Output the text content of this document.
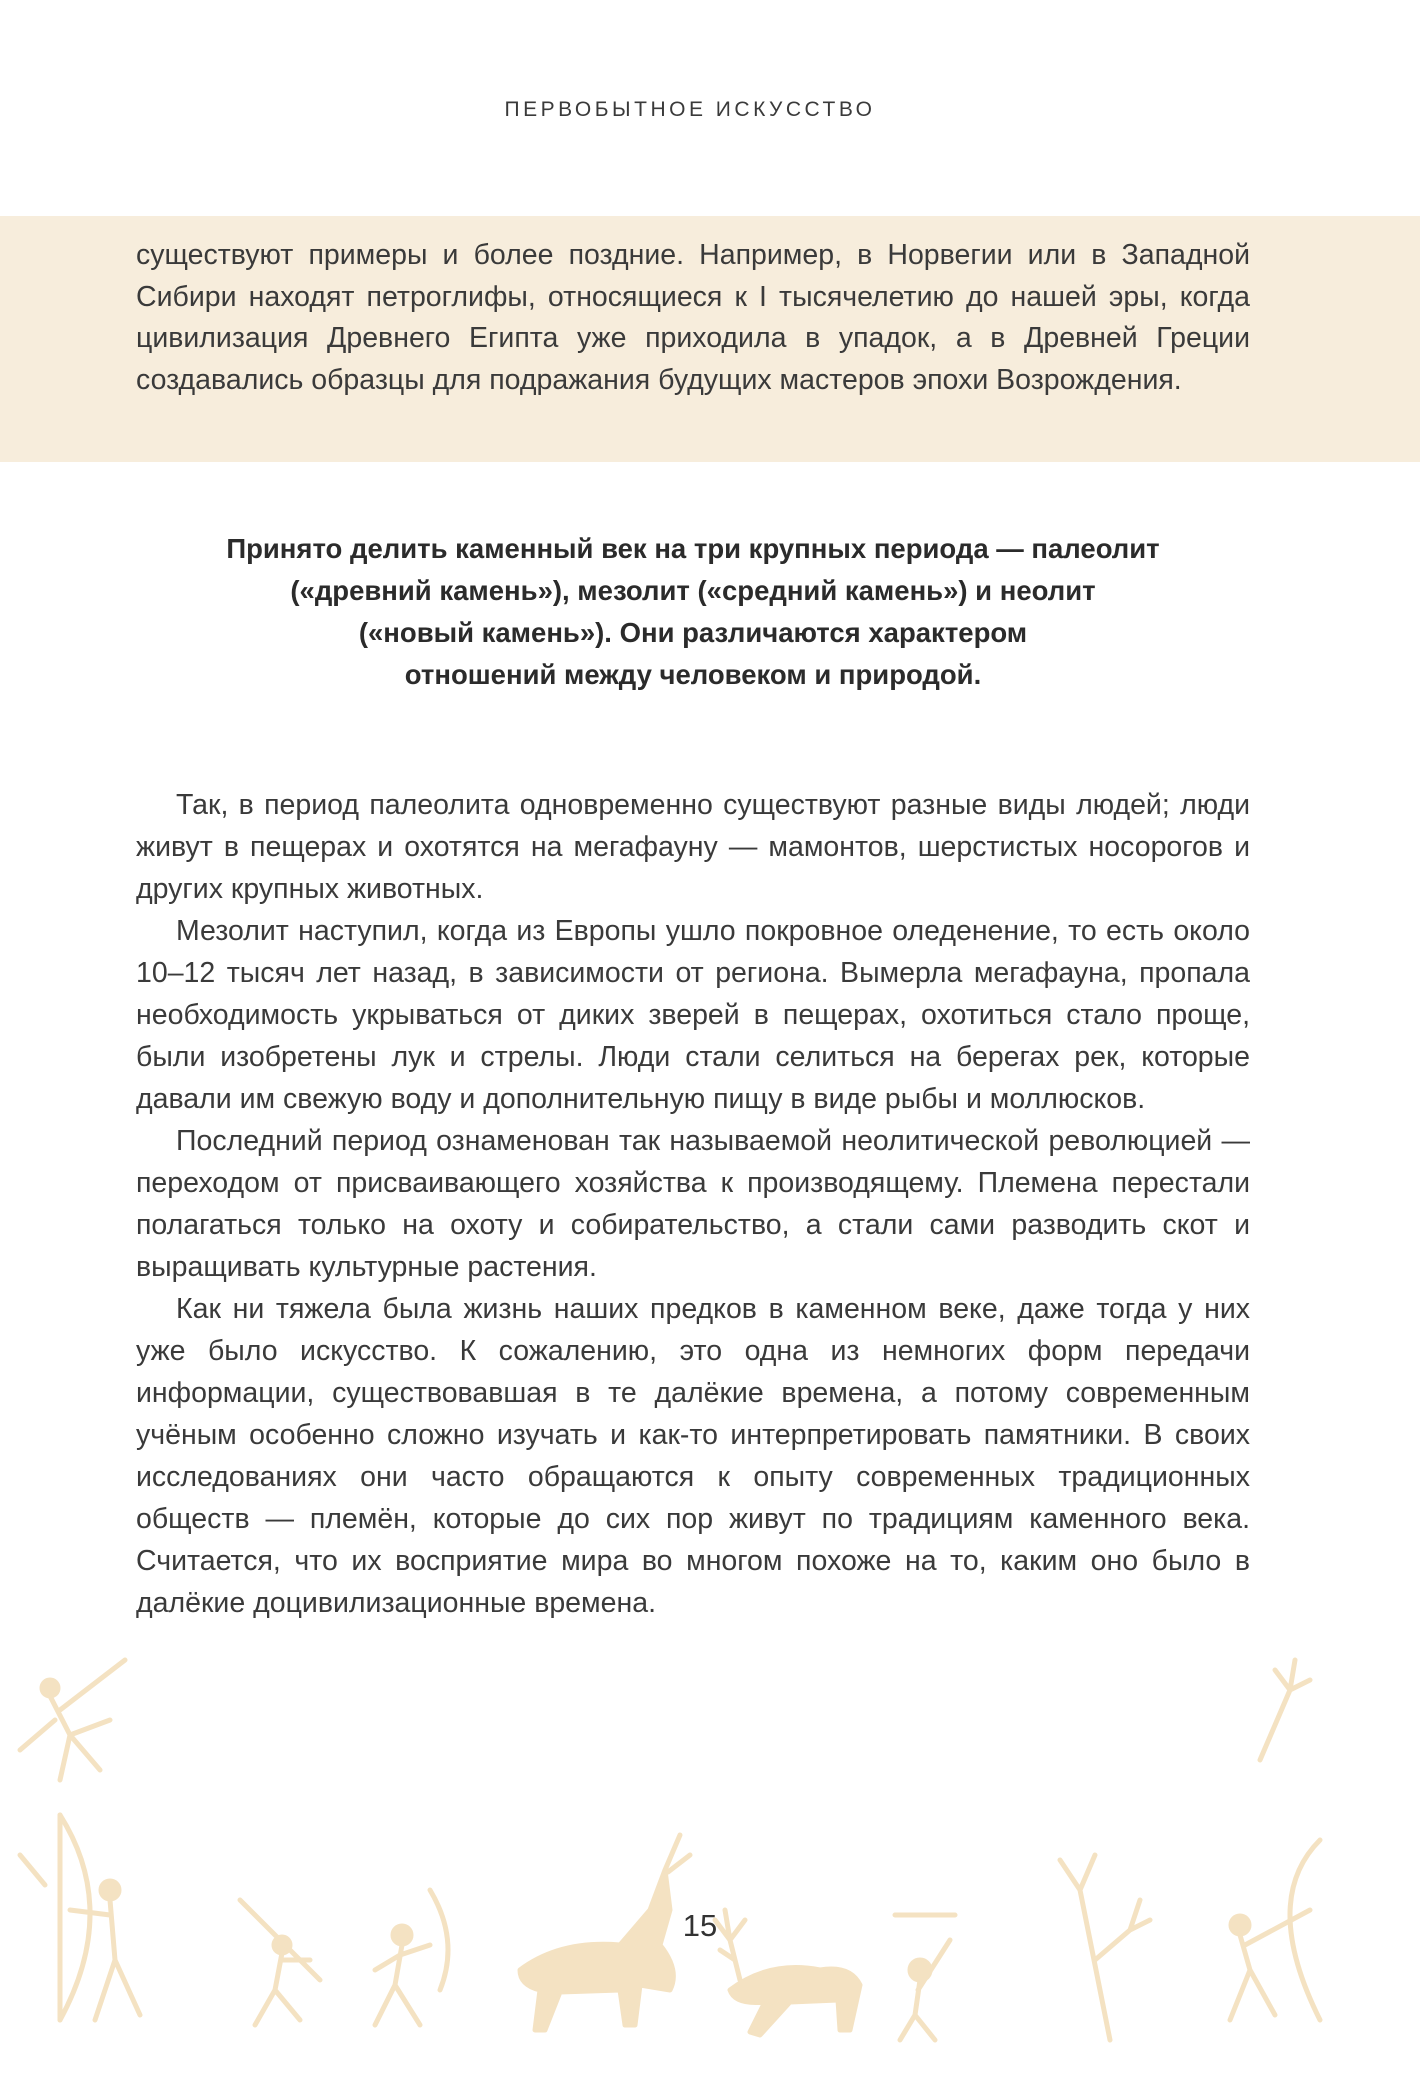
ПЕРВОБЫТНОЕ ИСКУССТВО
существуют примеры и более поздние. Например, в Норвегии или в Западной Сибири находят петроглифы, относящиеся к I тысячелетию до нашей эры, когда цивилизация Древнего Египта уже приходила в упадок, а в Древней Греции создавались образцы для подражания будущих мастеров эпохи Возрождения.
Принято делить каменный век на три крупных периода — палеолит
(«древний камень»), мезолит («средний камень») и неолит
(«новый камень»). Они различаются характером
отношений между человеком и природой.

Так, в период палеолита одновременно существуют разные виды людей; люди живут в пещерах и охотятся на мегафауну — мамонтов, шерстистых носорогов и других крупных животных.

Мезолит наступил, когда из Европы ушло покровное оледенение, то есть около 10–12 тысяч лет назад, в зависимости от региона. Вымерла мегафауна, пропала необходимость укрываться от диких зверей в пещерах, охотиться стало проще, были изобретены лук и стрелы. Люди стали селиться на берегах рек, которые давали им свежую воду и дополнительную пищу в виде рыбы и моллюсков.

Последний период ознаменован так называемой неолитической революцией — переходом от присваивающего хозяйства к производящему. Племена перестали полагаться только на охоту и собирательство, а стали сами разводить скот и выращивать культурные растения.

Как ни тяжела была жизнь наших предков в каменном веке, даже тогда у них уже было искусство. К сожалению, это одна из немногих форм передачи информации, существовавшая в те далёкие времена, а потому современным учёным особенно сложно изучать и как-то интерпретировать памятники. В своих исследованиях они часто обращаются к опыту современных традиционных обществ — племён, которые до сих пор живут по традициям каменного века. Считается, что их восприятие мира во многом похоже на то, каким оно было в далёкие доцивилизационные времена.

15
